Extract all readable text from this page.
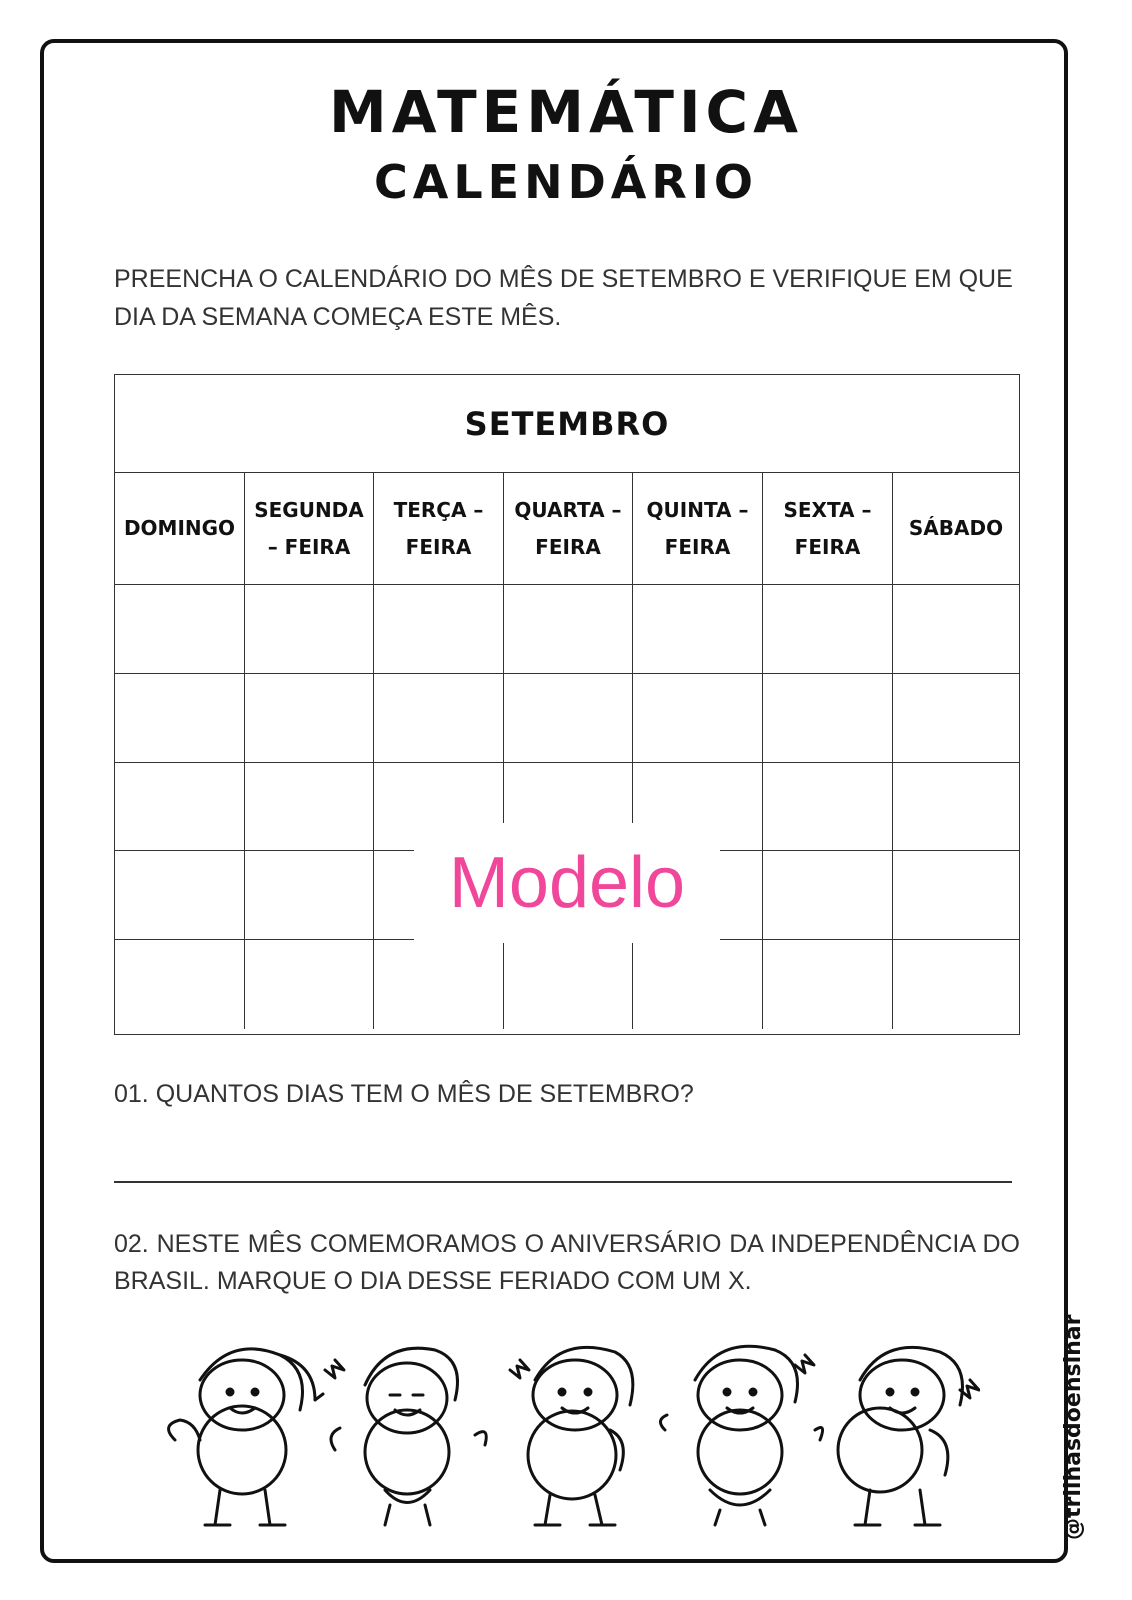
MATEMÁTICA
CALENDÁRIO
PREENCHA O CALENDÁRIO DO MÊS DE SETEMBRO E VERIFIQUE EM QUE DIA DA SEMANA COMEÇA ESTE MÊS.
SETEMBRO
DOMINGO
SEGUNDA – FEIRA
TERÇA – FEIRA
QUARTA – FEIRA
QUINTA – FEIRA
SEXTA – FEIRA
SÁBADO
Modelo
01. QUANTOS DIAS TEM O MÊS DE SETEMBRO?
02. NESTE MÊS COMEMORAMOS O ANIVERSÁRIO DA INDEPENDÊNCIA DO BRASIL. MARQUE O DIA DESSE FERIADO COM UM X.
@trilhasdoensinar
